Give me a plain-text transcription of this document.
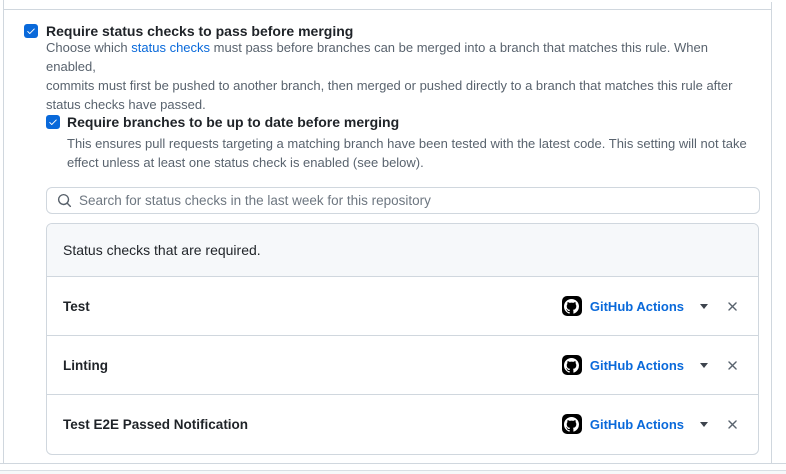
Require status checks to pass before merging
Choose which status checks must pass before branches can be merged into a branch that matches this rule. When enabled,
commits must first be pushed to another branch, then merged or pushed directly to a branch that matches this rule after
status checks have passed.
Require branches to be up to date before merging
This ensures pull requests targeting a matching branch have been tested with the latest code. This setting will not take
effect unless at least one status check is enabled (see below).
Search for status checks in the last week for this repository
Status checks that are required.
Test	GitHub Actions
Linting	GitHub Actions
Test E2E Passed Notification	GitHub Actions
